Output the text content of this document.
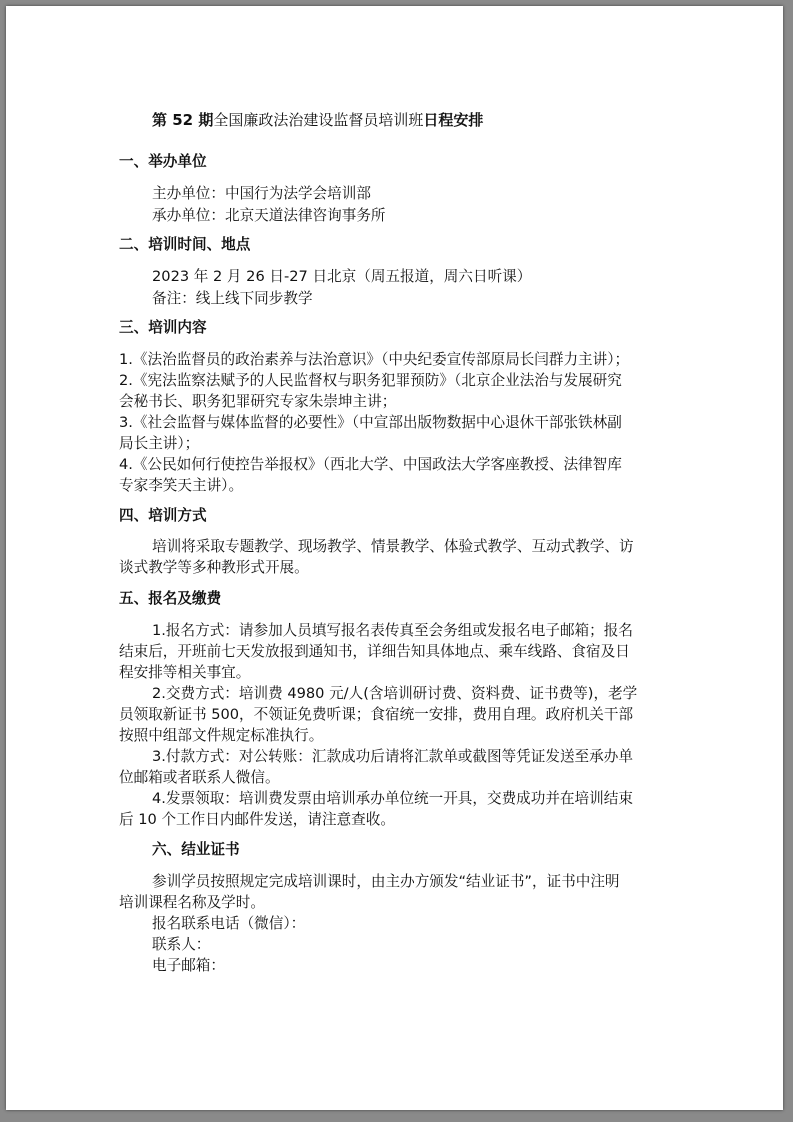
第 52 期全国廉政法治建设监督员培训班日程安排
一、举办单位
主办单位：中国行为法学会培训部
承办单位：北京天道法律咨询事务所
二、培训时间、地点
2023 年 2 月 26 日-27 日北京（周五报道，周六日听课）
备注：线上线下同步教学
三、培训内容
1.《法治监督员的政治素养与法治意识》（中央纪委宣传部原局长闫群力主讲）；
2.《宪法监察法赋予的人民监督权与职务犯罪预防》（北京企业法治与发展研究
会秘书长、职务犯罪研究专家朱崇坤主讲；
3.《社会监督与媒体监督的必要性》（中宣部出版物数据中心退休干部张铁林副
局长主讲）；
4.《公民如何行使控告举报权》（西北大学、中国政法大学客座教授、法律智库
专家李笑天主讲）。
四、培训方式
培训将采取专题教学、现场教学、情景教学、体验式教学、互动式教学、访
谈式教学等多种教形式开展。
五、报名及缴费
1.报名方式：请参加人员填写报名表传真至会务组或发报名电子邮箱；报名
结束后，开班前七天发放报到通知书，详细告知具体地点、乘车线路、食宿及日
程安排等相关事宜。
2.交费方式：培训费 4980 元/人(含培训研讨费、资料费、证书费等)，老学
员领取新证书 500，不领证免费听课；食宿统一安排，费用自理。政府机关干部
按照中组部文件规定标准执行。
3.付款方式：对公转账：汇款成功后请将汇款单或截图等凭证发送至承办单
位邮箱或者联系人微信。
4.发票领取：培训费发票由培训承办单位统一开具，交费成功并在培训结束
后 10 个工作日内邮件发送，请注意查收。
六、结业证书
参训学员按照规定完成培训课时，由主办方颁发“结业证书”，证书中注明
培训课程名称及学时。
报名联系电话（微信）：
联系人：
电子邮箱：
